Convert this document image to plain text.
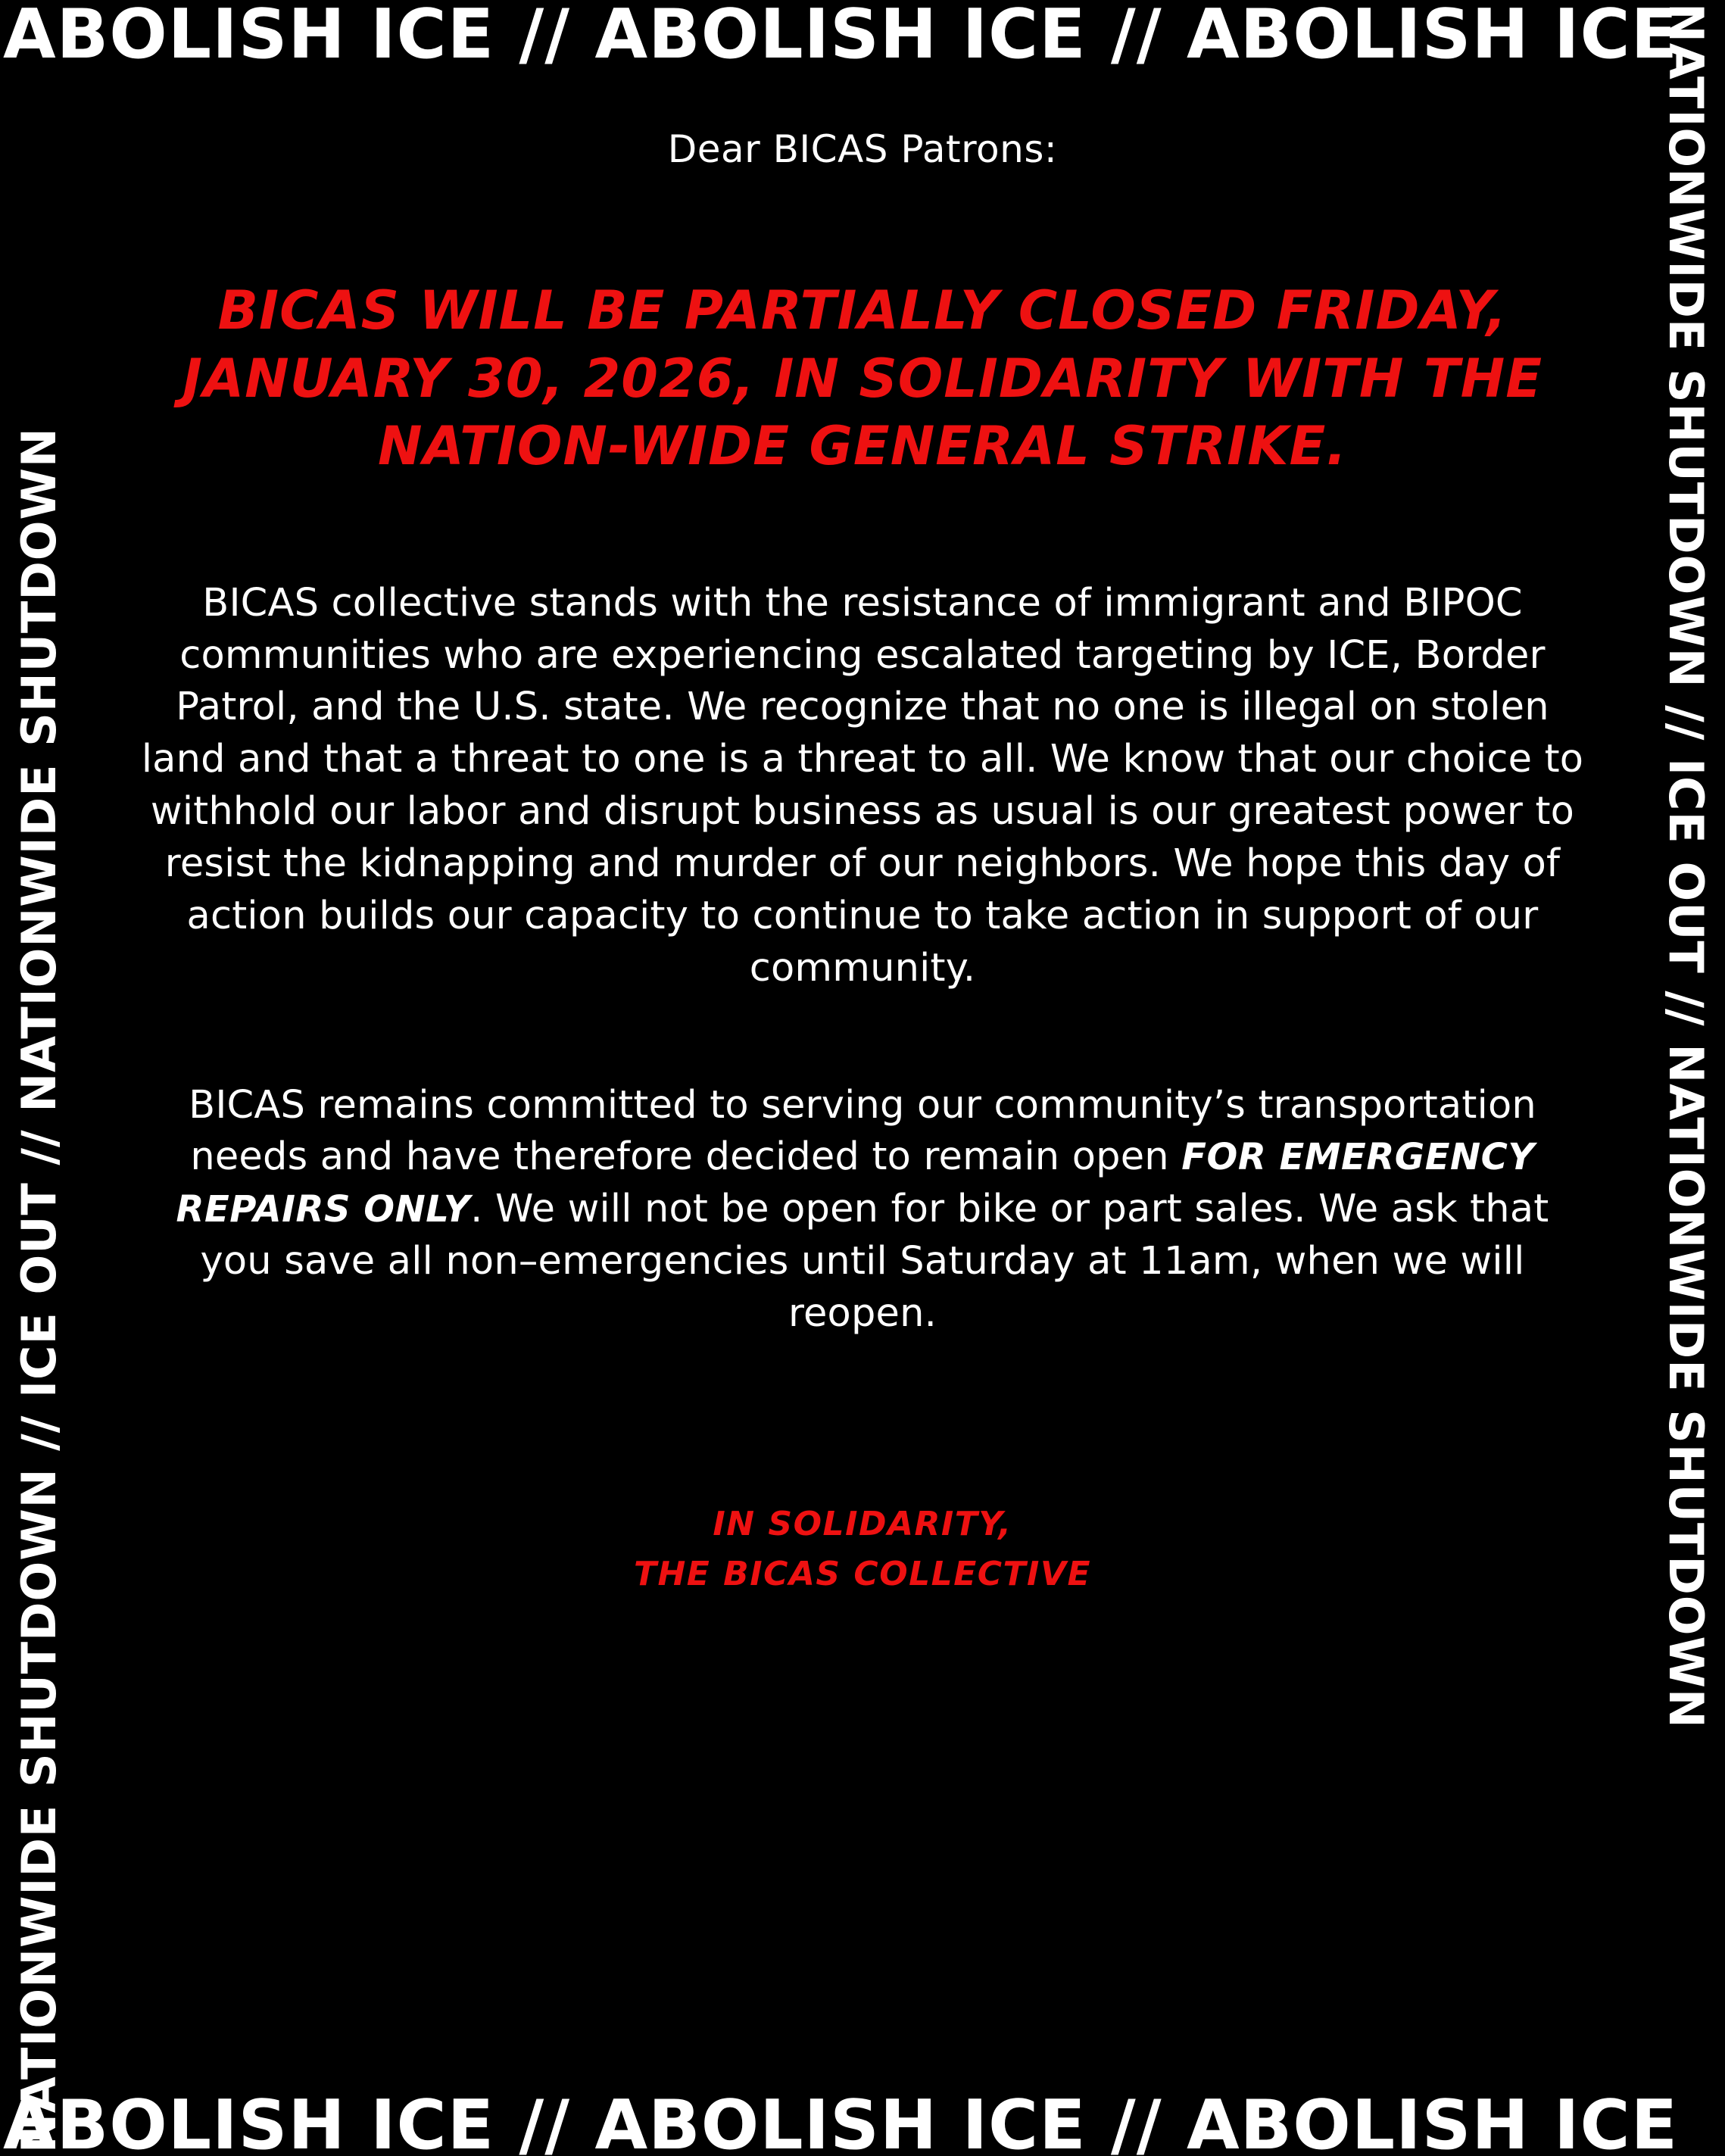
ABOLISH ICE // ABOLISH ICE // ABOLISH ICE
ABOLISH ICE // ABOLISH ICE // ABOLISH ICE
NATIONWIDE SHUTDOWN // ICE OUT // NATIONWIDE SHUTDOWN	NATIONWIDE SHUTDOWN // ICE OUT // NATIONWIDE SHUTDOWN

Dear BICAS Patrons:

BICAS WILL BE PARTIALLY CLOSED FRIDAY, JANUARY 30, 2026, IN SOLIDARITY WITH THE NATION-WIDE GENERAL STRIKE.

BICAS collective stands with the resistance of immigrant and BIPOC communities who are experiencing escalated targeting by ICE, Border Patrol, and the U.S. state. We recognize that no one is illegal on stolen land and that a threat to one is a threat to all. We know that our choice to withhold our labor and disrupt business as usual is our greatest power to resist the kidnapping and murder of our neighbors. We hope this day of action builds our capacity to continue to take action in support of our community.

BICAS remains committed to serving our community’s transportation needs and have therefore decided to remain open FOR EMERGENCY REPAIRS ONLY. We will not be open for bike or part sales. We ask that you save all non–emergencies until Saturday at 11am, when we will reopen.

IN SOLIDARITY,
THE BICAS COLLECTIVE
